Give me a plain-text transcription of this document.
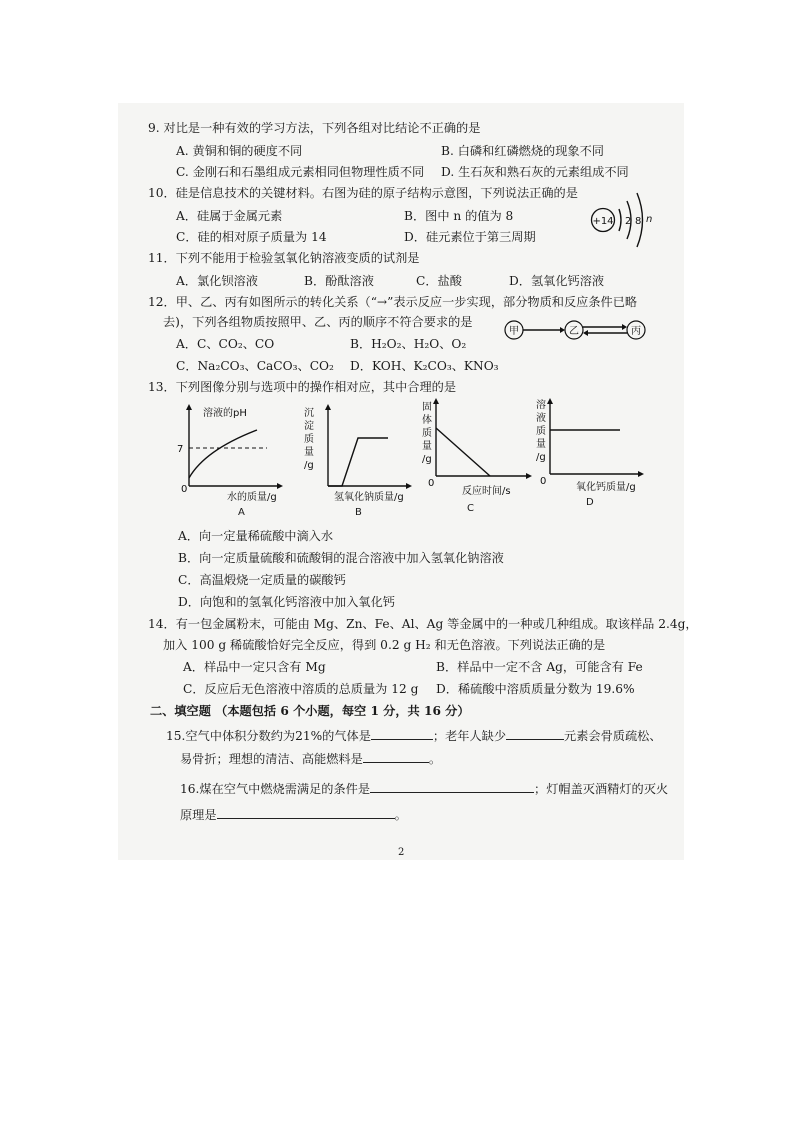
9. 对比是一种有效的学习方法，下列各组对比结论不正确的是
A. 黄铜和铜的硬度不同	B. 白磷和红磷燃烧的现象不同
C. 金刚石和石墨组成元素相同但物理性质不同 D. 生石灰和熟石灰的元素组成不同
10．硅是信息技术的关键材料。右图为硅的原子结构示意图，下列说法正确的是
A．硅属于金属元素	B．图中 n 的值为 8
C．硅的相对原子质量为 14	D．硅元素位于第三周期
+14 2 8 n
11．下列不能用于检验氢氧化钠溶液变质的试剂是
A．氯化钡溶液	B．酚酞溶液	C．盐酸	D．氢氧化钙溶液
12．甲、乙、丙有如图所示的转化关系（“→”表示反应一步实现，部分物质和反应条件已略
去)，下列各组物质按照甲、乙、丙的顺序不符合要求的是
A．C、CO₂、CO	B．H₂O₂、H₂O、O₂
C．Na₂CO₃、CaCO₃、CO₂ D．KOH、K₂CO₃、KNO₃
甲	乙	丙
13．下列图像分别与选项中的操作相对应，其中合理的是
溶液的pH
7
0
水的质量/g
A
沉
淀
质
量
/g
氢氧化钠质量/g
B
固
体
质
量
/g
0
反应时间/s
C
溶
液
质
量
/g
0
氧化钙质量/g
D
A．向一定量稀硫酸中滴入水
B．向一定质量硫酸和硫酸铜的混合溶液中加入氢氧化钠溶液
C．高温煅烧一定质量的碳酸钙
D．向饱和的氢氧化钙溶液中加入氧化钙
14．有一包金属粉末，可能由 Mg、Zn、Fe、Al、Ag 等金属中的一种或几种组成。取该样品 2.4g，
加入 100 g 稀硫酸恰好完全反应，得到 0.2 g H₂ 和无色溶液。下列说法正确的是
A．样品中一定只含有 Mg	B．样品中一定不含 Ag，可能含有 Fe
C．反应后无色溶液中溶质的总质量为 12 g D．稀硫酸中溶质质量分数为 19.6%
二、填空题 （本题包括 6 个小题，每空 1 分，共 16 分）
15.空气中体积分数约为21%的气体是	；老年人缺少	元素会骨质疏松、
易骨折；理想的清洁、高能燃料是	。
16.煤在空气中燃烧需满足的条件是	；灯帽盖灭酒精灯的灭火
原理是	。
2
